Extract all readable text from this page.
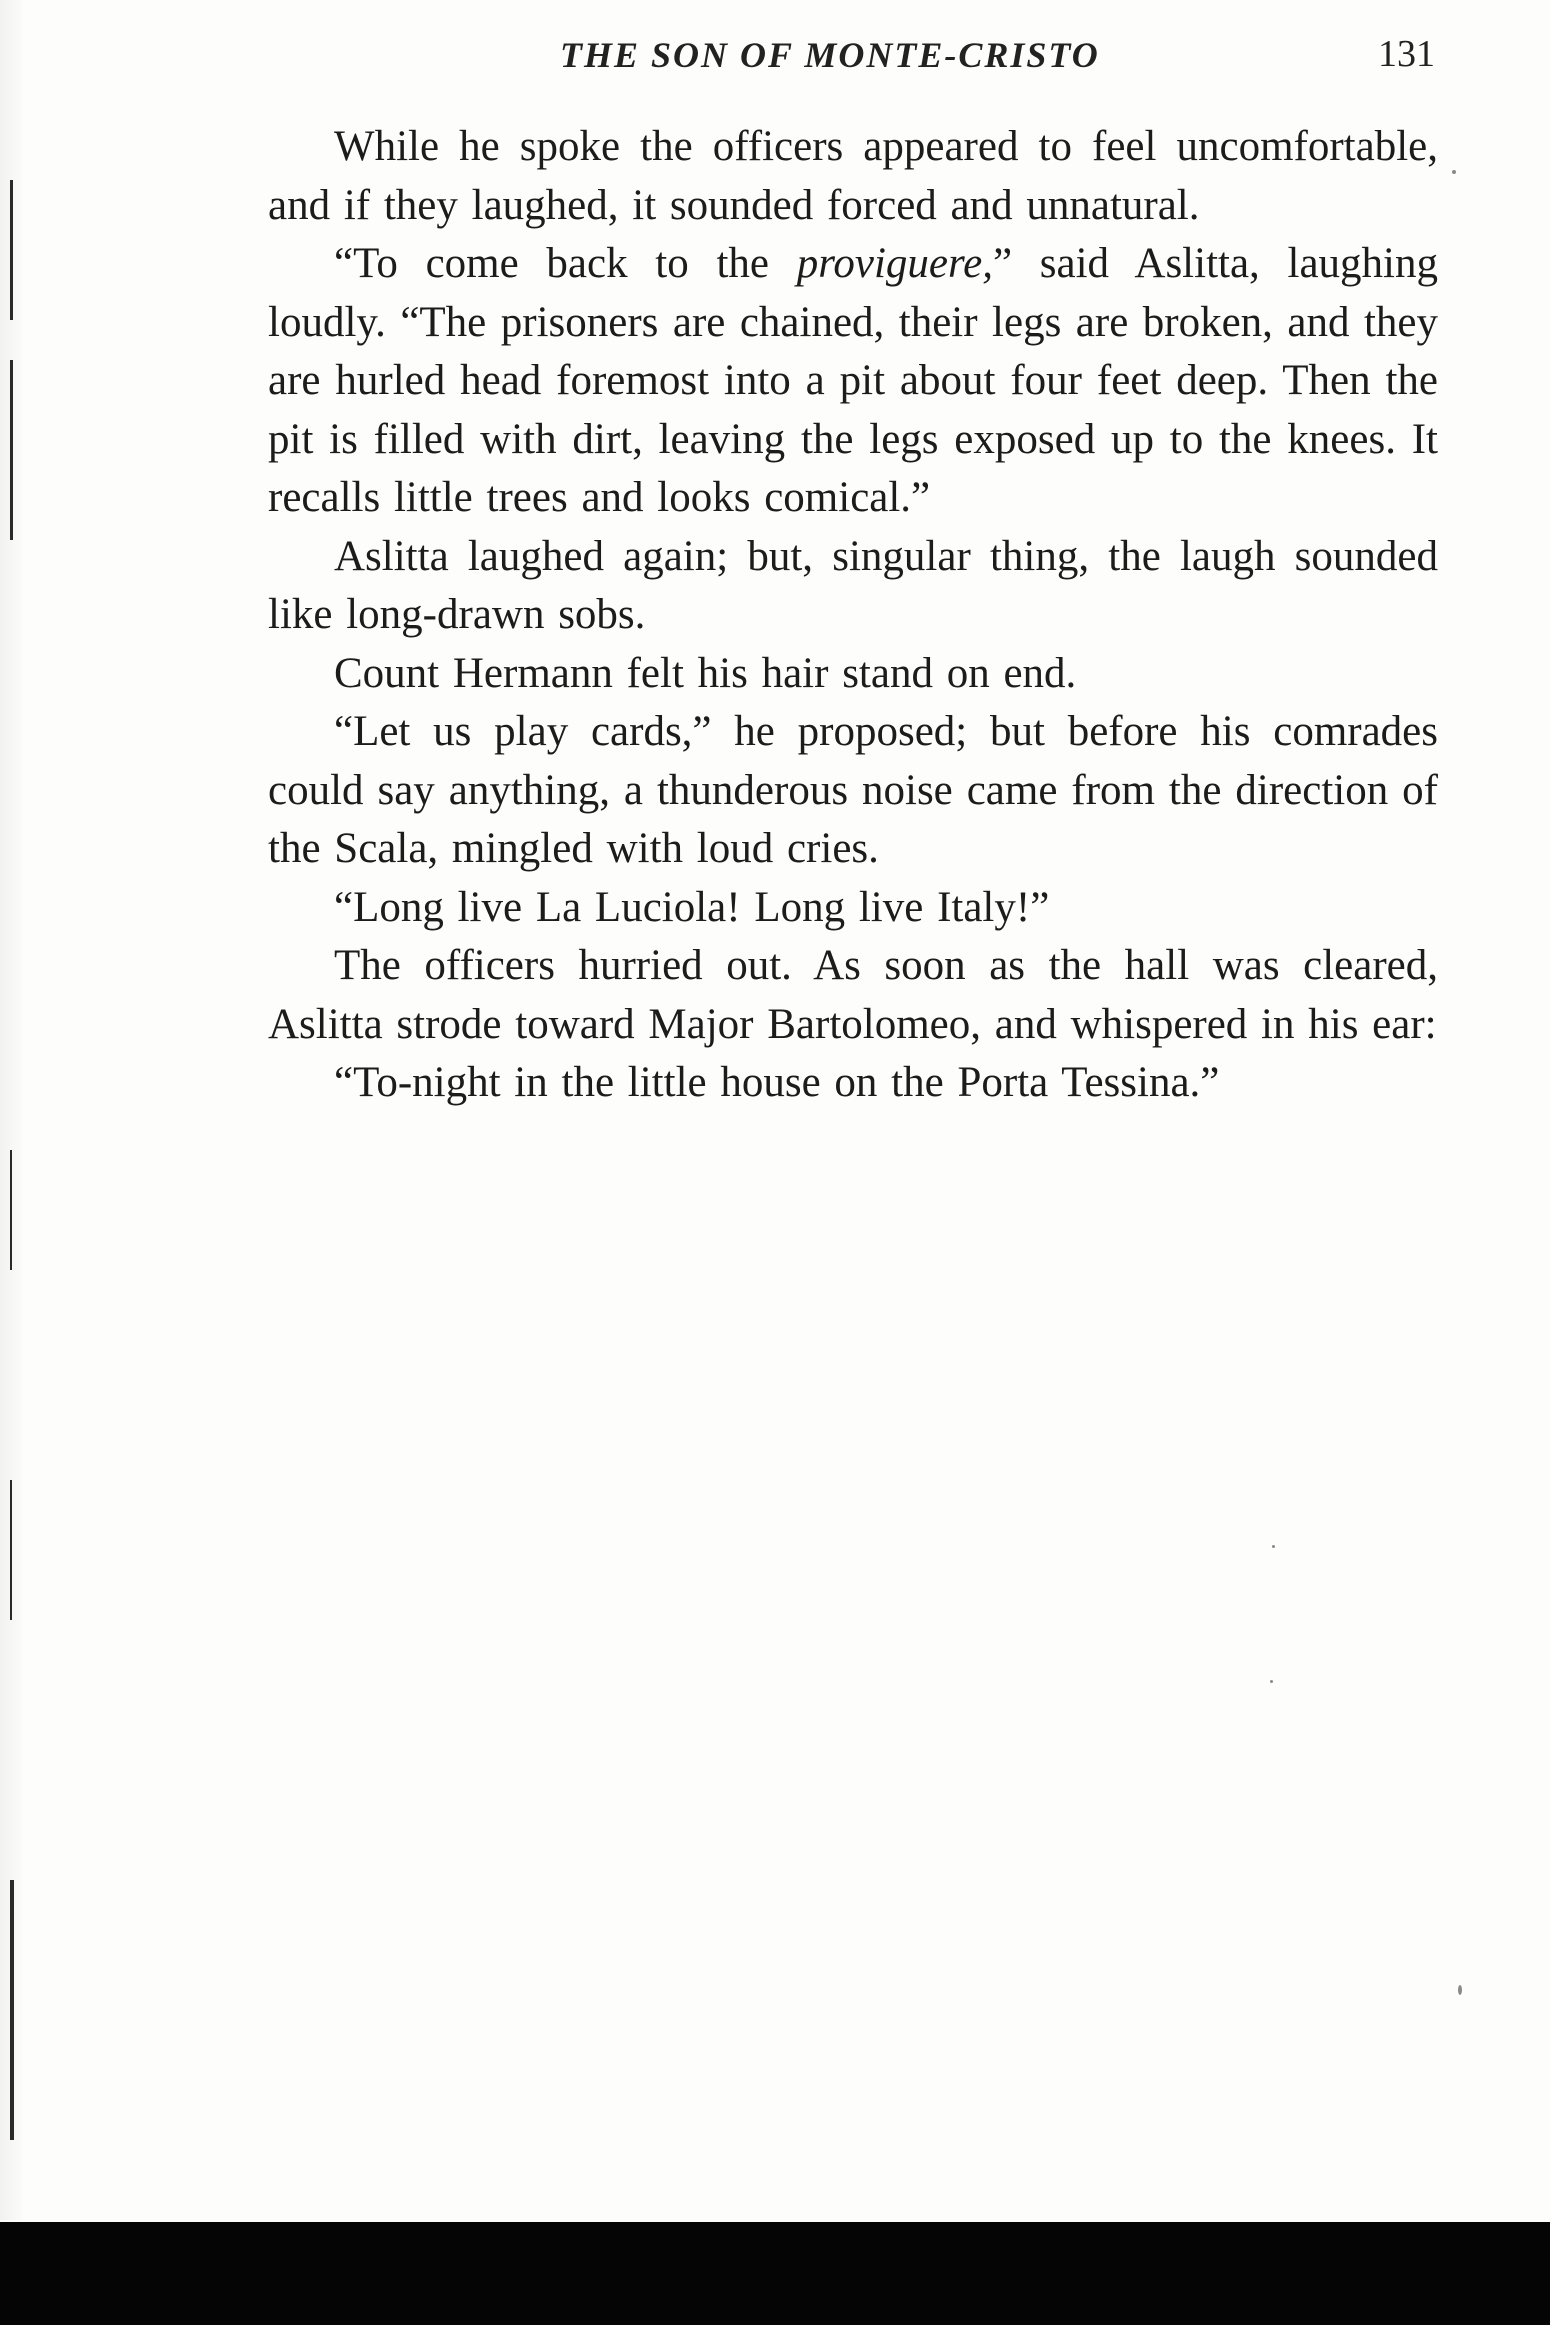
THE SON OF MONTE-CRISTO	131

While he spoke the officers appeared to feel uncomfortable, and if they laughed, it sounded forced and unnatural.

“To come back to the proviguere,” said Aslitta, laughing loudly. “The prisoners are chained, their legs are broken, and they are hurled head foremost into a pit about four feet deep. Then the pit is filled with dirt, leaving the legs exposed up to the knees. It recalls little trees and looks comical.”

Aslitta laughed again; but, singular thing, the laugh sounded like long-drawn sobs.

Count Hermann felt his hair stand on end.

“Let us play cards,” he proposed; but before his comrades could say anything, a thunderous noise came from the direction of the Scala, mingled with loud cries.

“Long live La Luciola! Long live Italy!”

The officers hurried out. As soon as the hall was cleared, Aslitta strode toward Major Bartolomeo, and whispered in his ear:

“To-night in the little house on the Porta Tessina.”
